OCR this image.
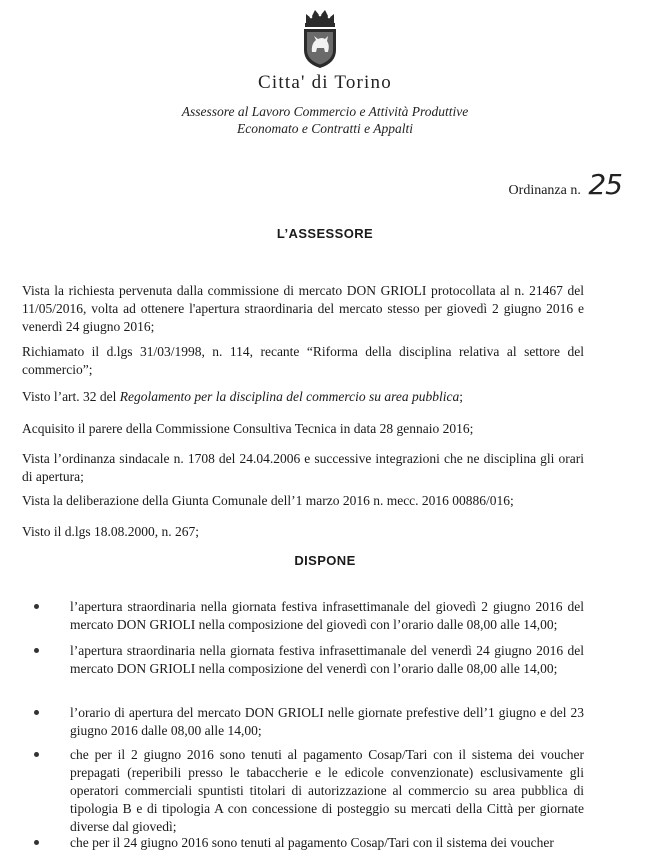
Citta' di Torino
Assessore al Lavoro Commercio e Attività Produttive
Economato e Contratti e Appalti
Ordinanza n. 25
L’ASSESSORE
Vista la richiesta pervenuta dalla commissione di mercato DON GRIOLI protocollata al n. 21467 del 11/05/2016, volta ad ottenere l'apertura straordinaria del mercato stesso per giovedì 2 giugno 2016 e venerdì 24 giugno 2016;
Richiamato il d.lgs 31/03/1998, n. 114, recante “Riforma della disciplina relativa al settore del commercio”;
Visto l’art. 32 del Regolamento per la disciplina del commercio su area pubblica;
Acquisito il parere della Commissione Consultiva Tecnica in data 28 gennaio 2016;
Vista l’ordinanza sindacale n. 1708 del 24.04.2006 e successive integrazioni che ne disciplina gli orari di apertura;
Vista la deliberazione della Giunta Comunale dell’1 marzo 2016 n. mecc. 2016 00886/016;
Visto il d.lgs 18.08.2000, n. 267;
DISPONE
l’apertura straordinaria nella giornata festiva infrasettimanale del giovedì 2 giugno 2016 del mercato DON GRIOLI nella composizione del giovedì con l’orario dalle 08,00 alle 14,00;
l’apertura straordinaria nella giornata festiva infrasettimanale del venerdì 24 giugno 2016 del mercato DON GRIOLI nella composizione del venerdì con l’orario dalle 08,00 alle 14,00;
l’orario di apertura del mercato DON GRIOLI nelle giornate prefestive dell’1 giugno e del 23 giugno 2016 dalle 08,00 alle 14,00;
che per il 2 giugno 2016 sono tenuti al pagamento Cosap/Tari con il sistema dei voucher prepagati (reperibili presso le tabaccherie e le edicole convenzionate) esclusivamente gli operatori commerciali spuntisti titolari di autorizzazione al commercio su area pubblica di tipologia B e di tipologia A con concessione di posteggio su mercati della Città per giornate diverse dal giovedì;
che per il 24 giugno 2016 sono tenuti al pagamento Cosap/Tari con il sistema dei voucher
